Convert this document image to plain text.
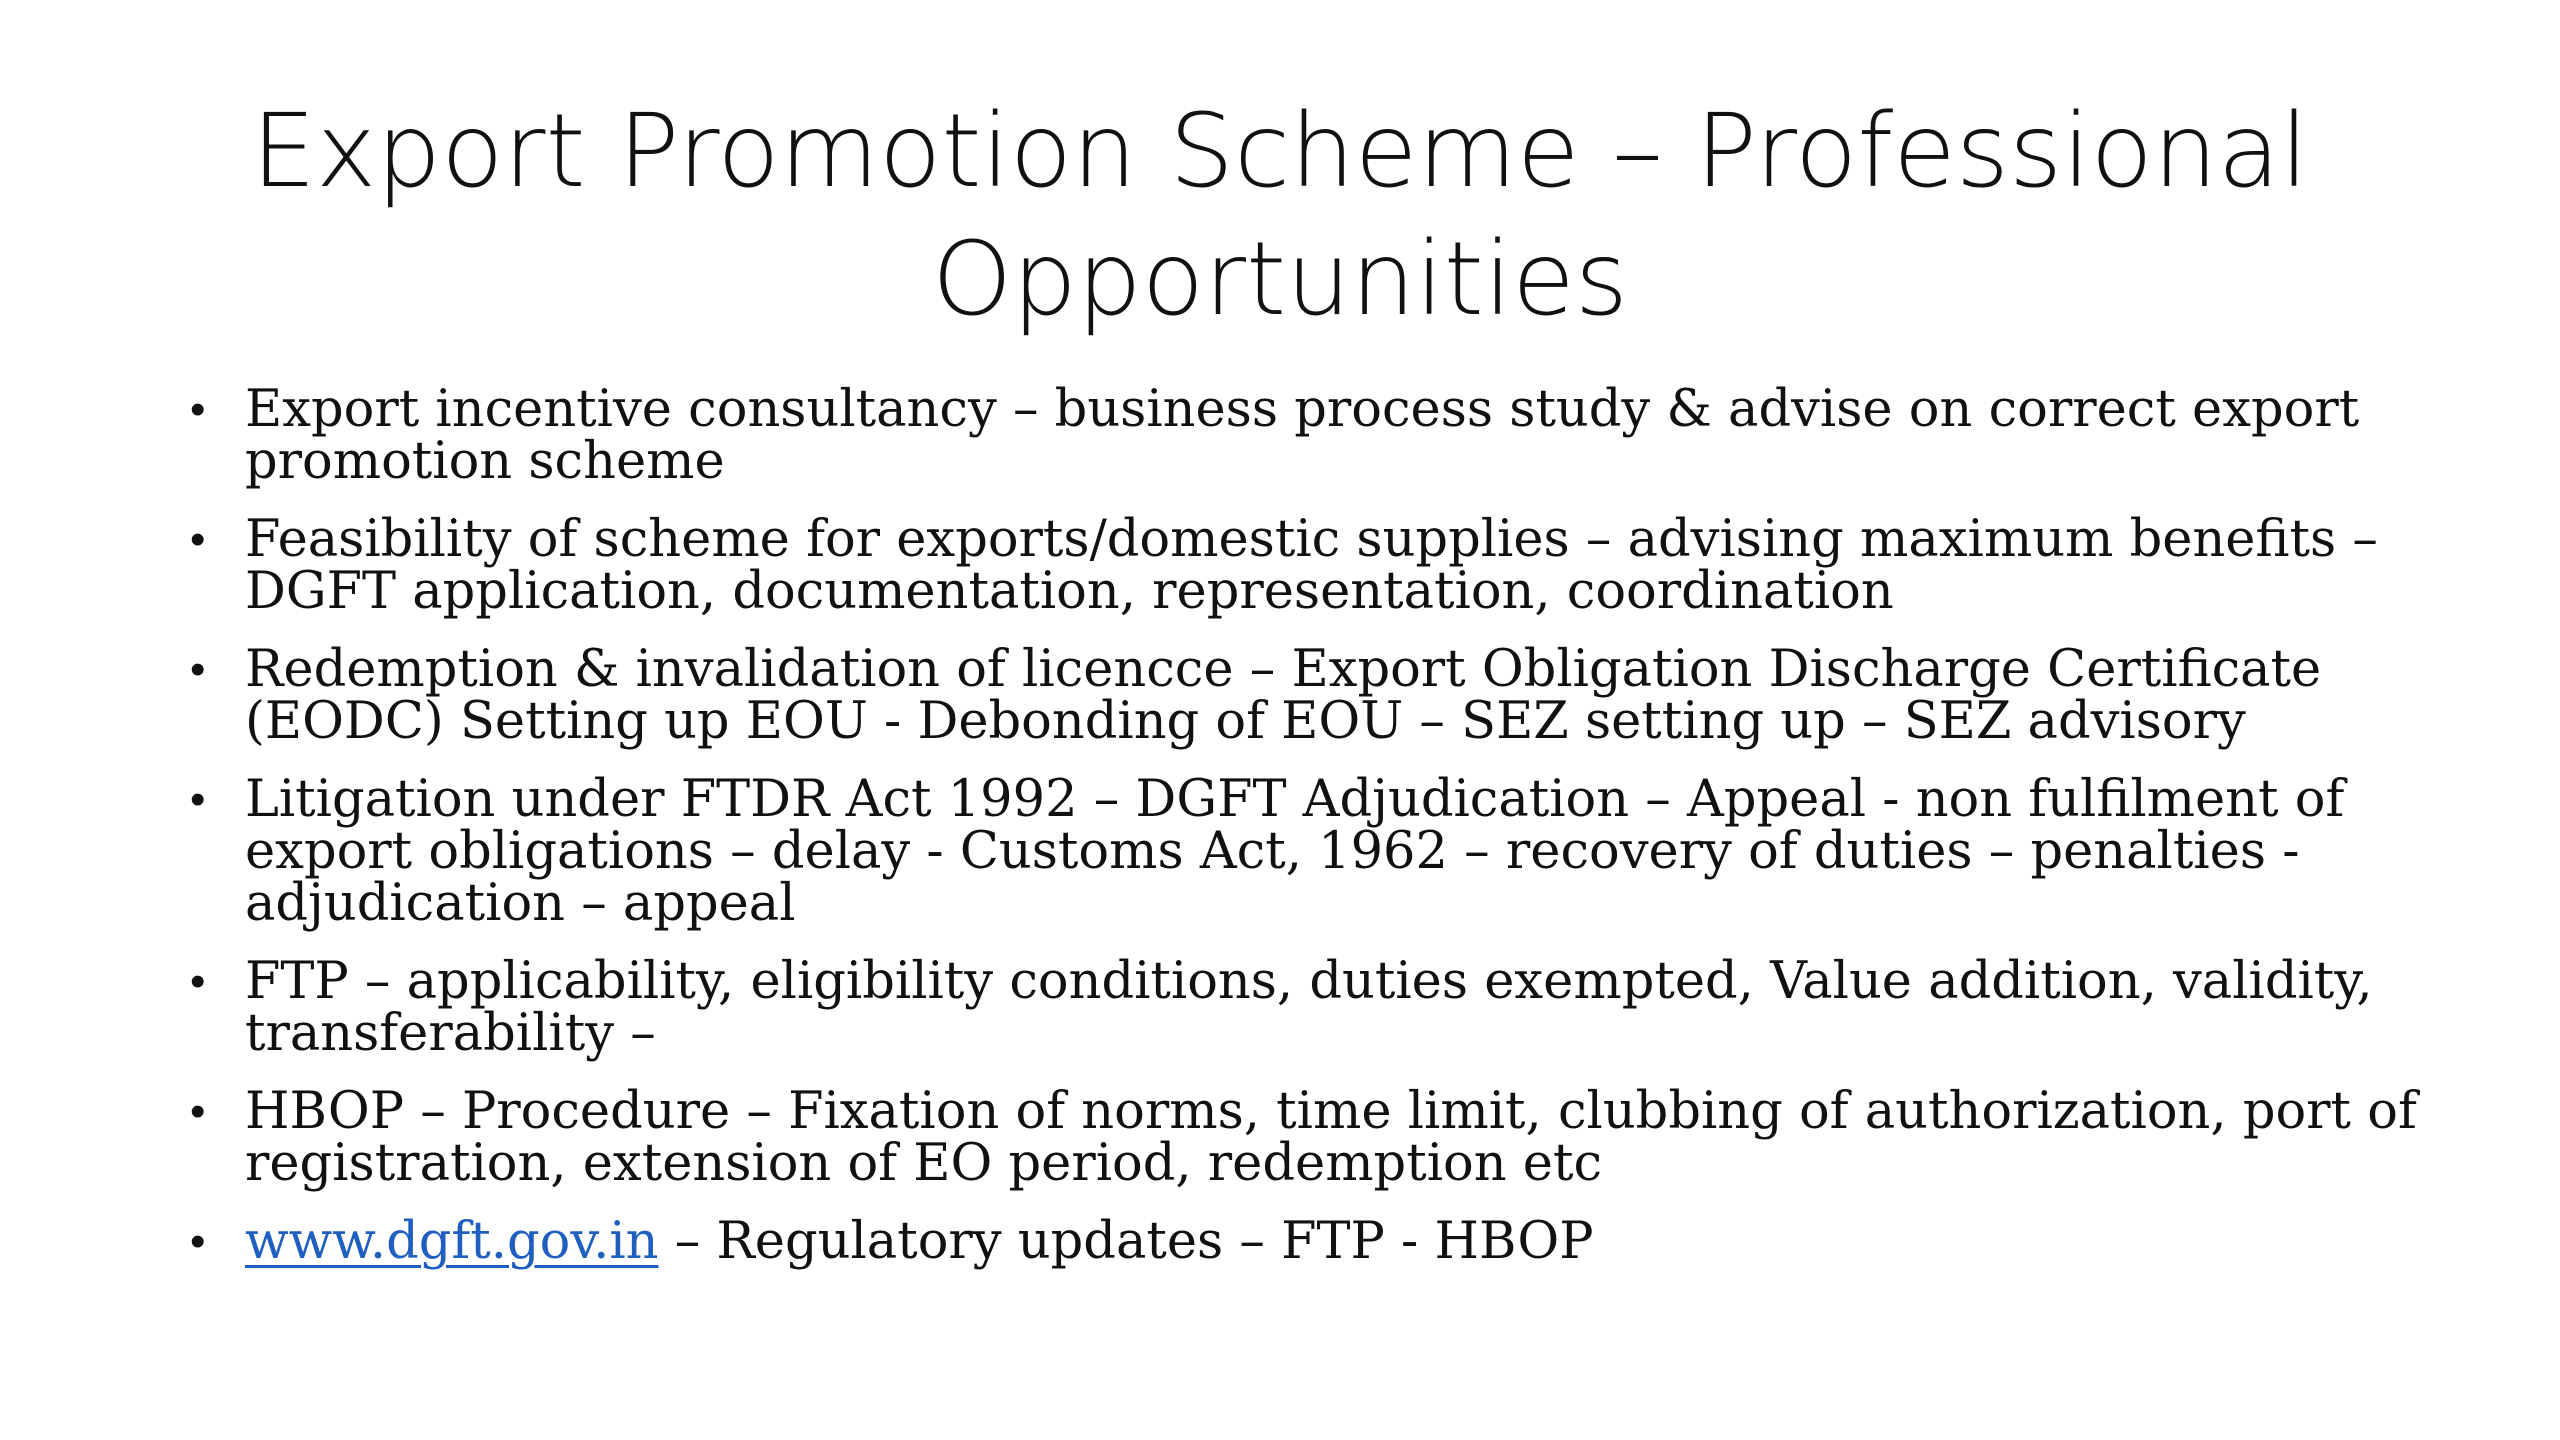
Export Promotion Scheme – Professional
Opportunities
• Export incentive consultancy – business process study & advise on correct export promotion scheme
• Feasibility of scheme for exports/domestic supplies – advising maximum benefits – DGFT application, documentation, representation, coordination
• Redemption & invalidation of licencce – Export Obligation Discharge Certificate (EODC) Setting up EOU - Debonding of EOU – SEZ setting up – SEZ advisory
• Litigation under FTDR Act 1992 – DGFT Adjudication – Appeal - non fulfilment of export obligations – delay - Customs Act, 1962 – recovery of duties – penalties - adjudication – appeal
• FTP – applicability, eligibility conditions, duties exempted, Value addition, validity, transferability –
• HBOP – Procedure – Fixation of norms, time limit, clubbing of authorization, port of registration, extension of EO period, redemption etc
• www.dgft.gov.in – Regulatory updates – FTP - HBOP
